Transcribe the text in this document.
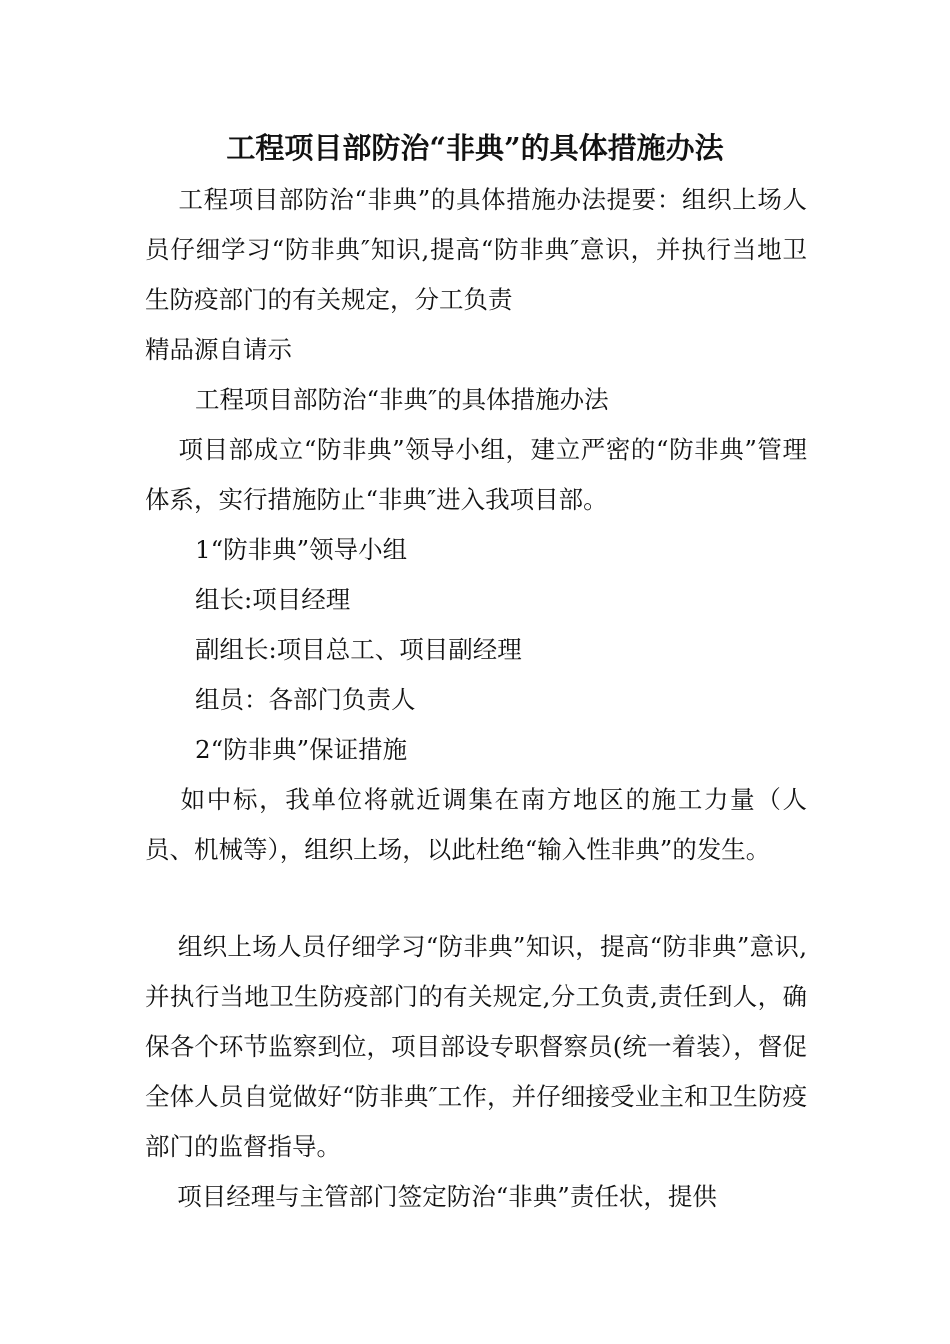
工程项目部防治“非典”的具体措施办法

　 工程项目部防治“非典”的具体措施办法提要：组织上场人员仔细学习“防非典″知识,提高“防非典″意识，并执行当地卫生防疫部门的有关规定，分工负责

精品源自请示

工程项目部防治“非典″的具体措施办法

　 项目部成立“防非典”领导小组，建立严密的“防非典”管理体系，实行措施防止“非典″进入我项目部。

1“防非典”领导小组

组长:项目经理

副组长:项目总工、项目副经理

组员：各部门负责人

2“防非典”保证措施

　 如中标，我单位将就近调集在南方地区的施工力量（人员、机械等），组织上场，以此杜绝“输入性非典”的发生。

　 组织上场人员仔细学习“防非典”知识，提高“防非典”意识,并执行当地卫生防疫部门的有关规定,分工负责,责任到人，确保各个环节监察到位，项目部设专职督察员(统一着装），督促全体人员自觉做好“防非典″工作，并仔细接受业主和卫生防疫部门的监督指导。

　 项目经理与主管部门签定防治“非典”责任状，提供
